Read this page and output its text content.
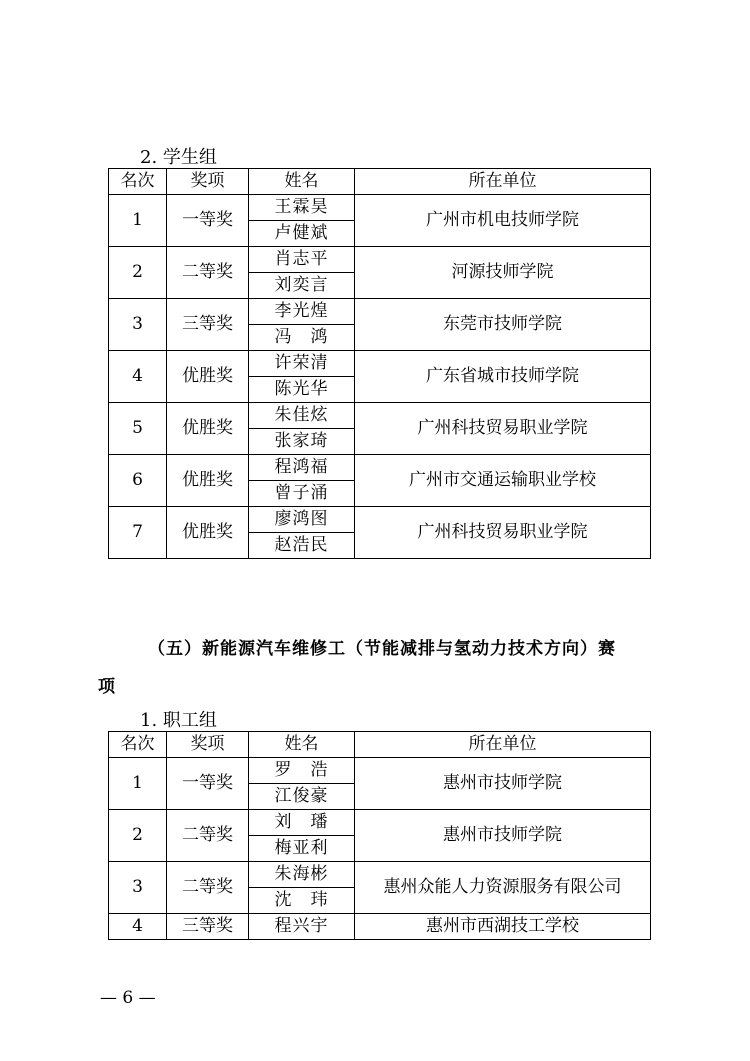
2. 学生组
名次	奖项	姓名	所在单位
1	一等奖	王霖昊	广州市机电技师学院
		卢健斌	
2	二等奖	肖志平	河源技师学院
		刘奕言	
3	三等奖	李光煌	东莞市技师学院
		冯　鸿	
4	优胜奖	许荣清	广东省城市技师学院
		陈光华	
5	优胜奖	朱佳炫	广州科技贸易职业学院
		张家琦	
6	优胜奖	程鸿福	广州市交通运输职业学校
		曾子涌	
7	优胜奖	廖鸿图	广州科技贸易职业学院
		赵浩民	
（五）新能源汽车维修工（节能减排与氢动力技术方向）赛
项
1. 职工组
名次	奖项	姓名	所在单位
1	一等奖	罗　浩	惠州市技师学院
		江俊豪	
2	二等奖	刘　璠	惠州市技师学院
		梅亚利	
3	二等奖	朱海彬	惠州众能人力资源服务有限公司
		沈　玮	
4	三等奖	程兴宇	惠州市西湖技工学校
— 6 —
